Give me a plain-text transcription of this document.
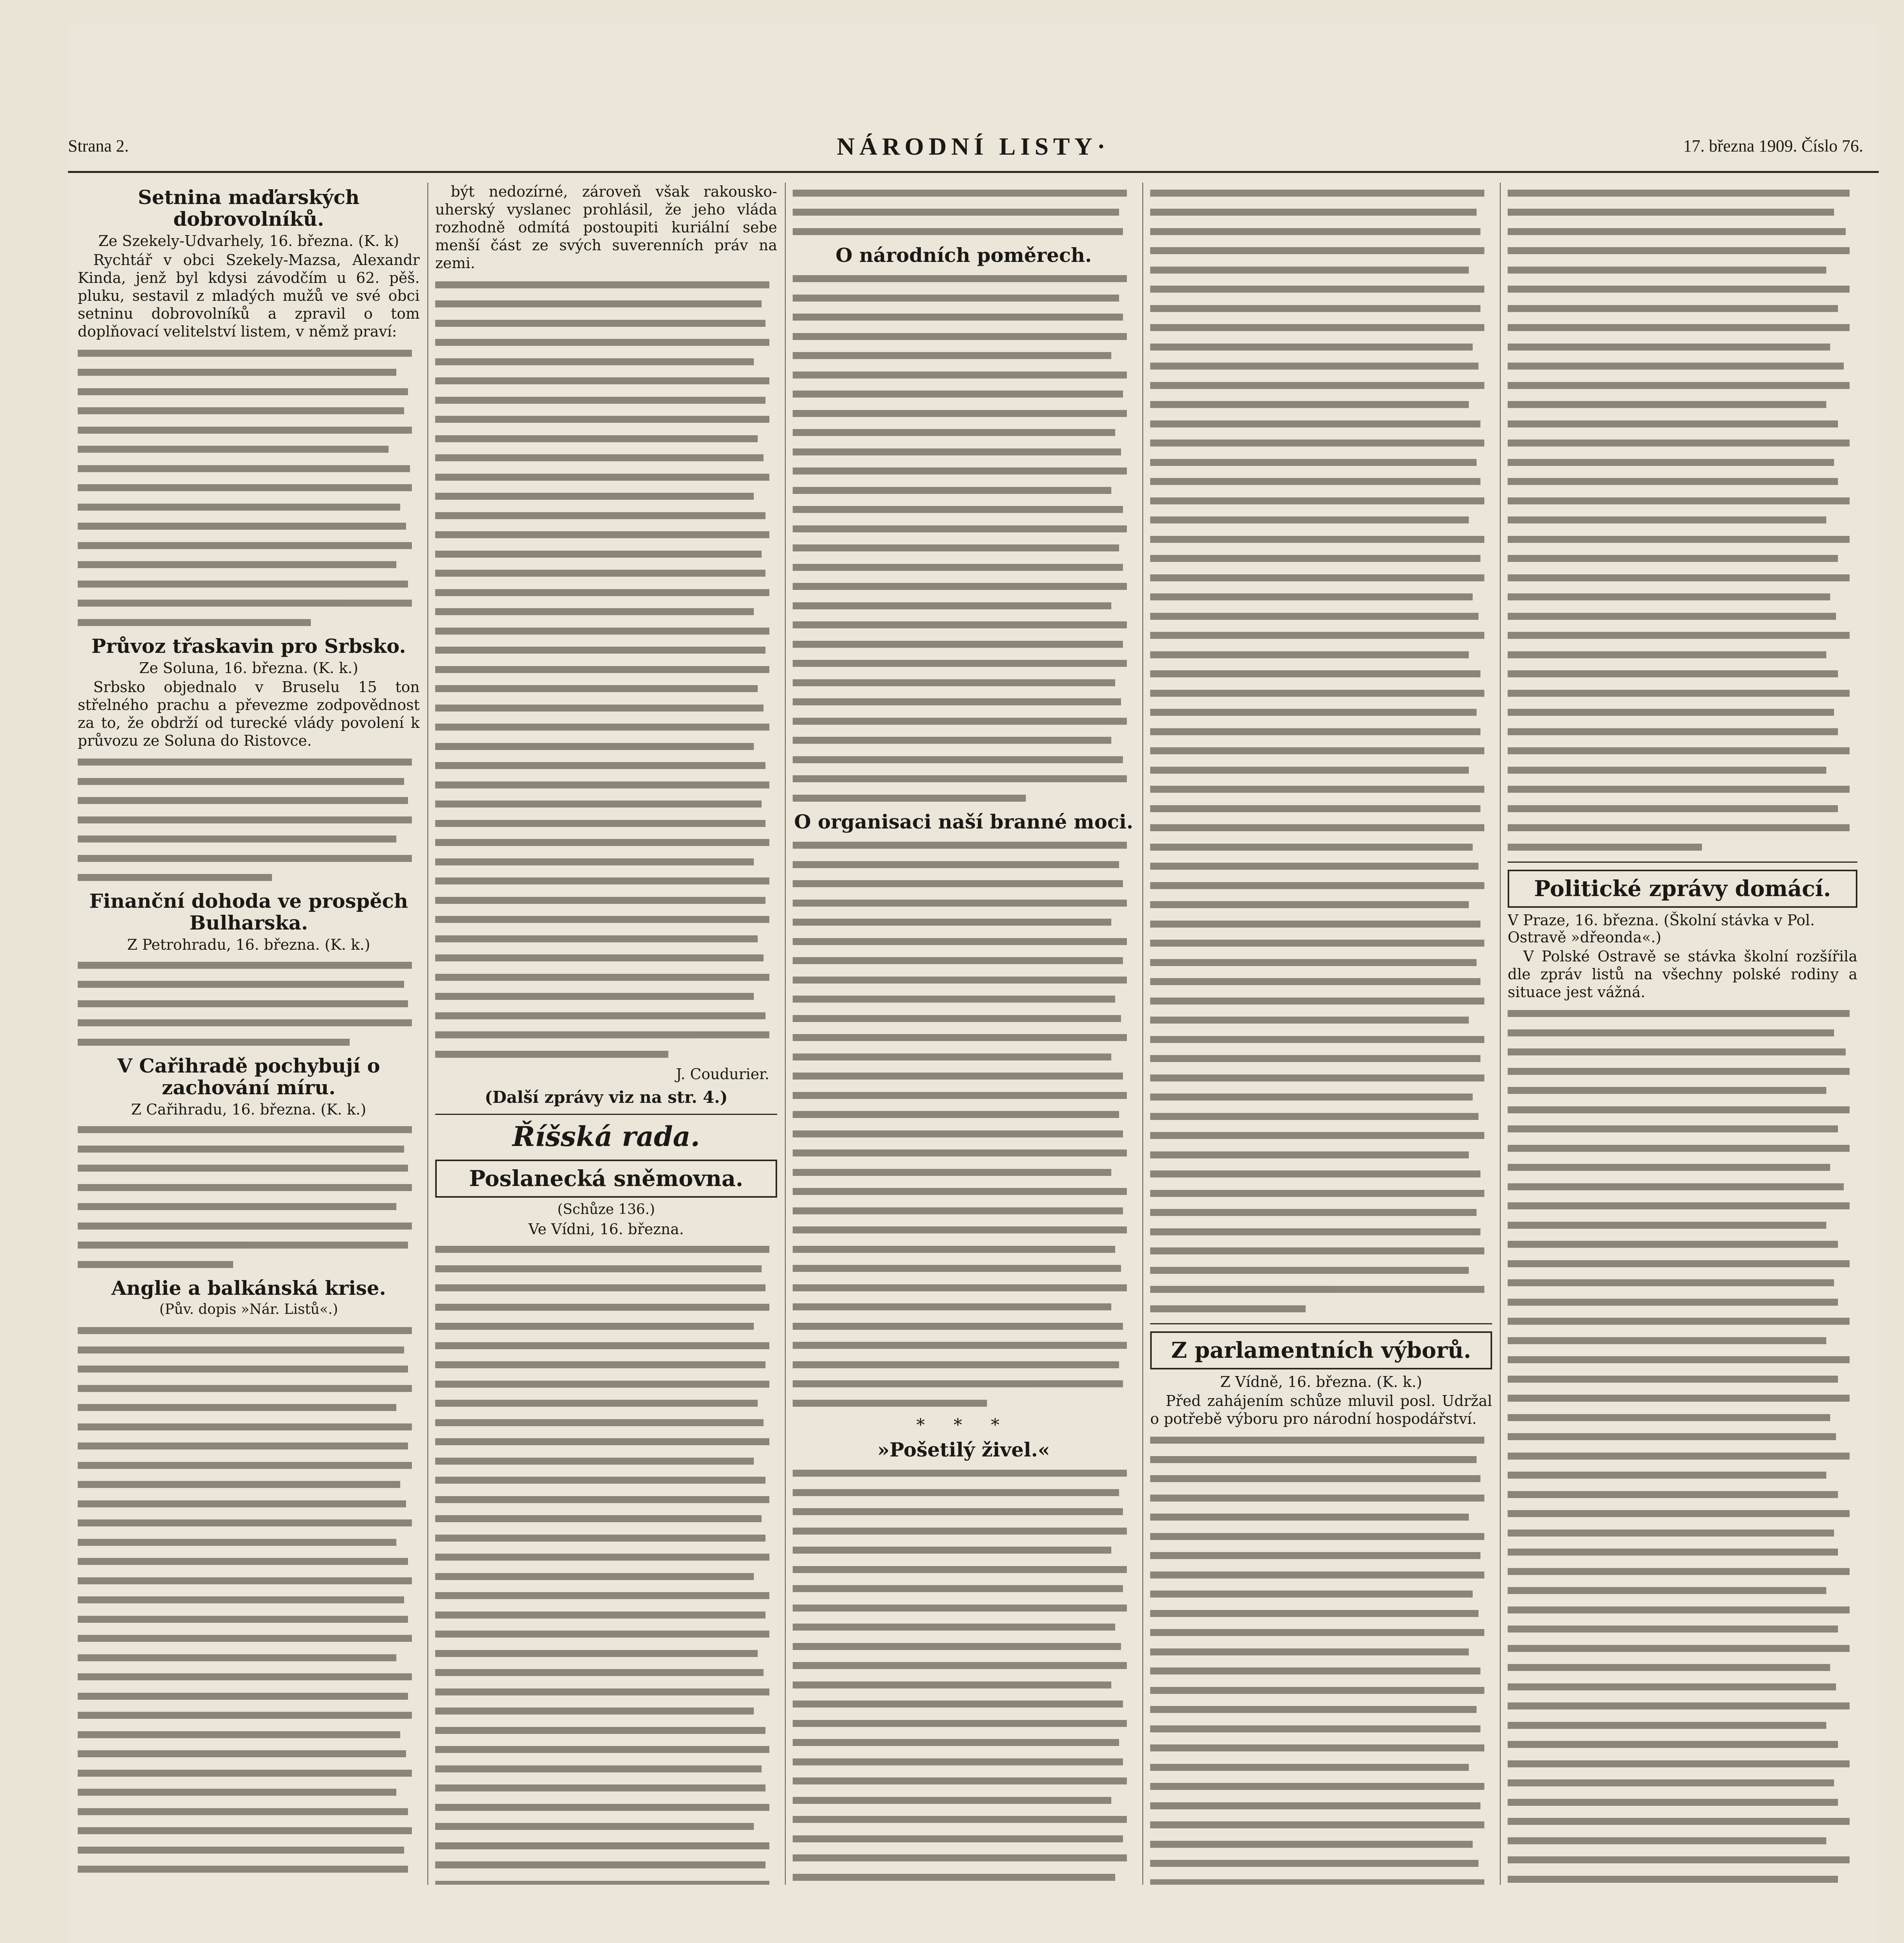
Strana 2.	NÁRODNÍ LISTY·	17. března 1909. Číslo 76.
Setnina maďarských dobrovolníků.
Ze Szekely-Udvarhely, 16. března. (K. k)

Rychtář v obci Szekely-Mazsa, Alexandr Kinda, jenž byl kdysi závodčím u 62. pěš. pluku, sestavil z mladých mužů ve své obci setninu dobrovolníků a zpravil o tom doplňovací velitelství listem, v němž praví:

Průvoz třaskavin pro Srbsko.
Ze Soluna, 16. března. (K. k.)

Srbsko objednalo v Bruselu 15 ton střelného prachu a převezme zodpovědnost za to, že obdrží od turecké vlády povolení k průvozu ze Soluna do Ristovce.

Finanční dohoda ve prospěch Bulharska.
Z Petrohradu, 16. března. (K. k.)
V Cařihradě pochybují o zachování míru.
Z Cařihradu, 16. března. (K. k.)
Anglie a balkánská krise.
(Pův. dopis »Nár. Listů«.)

být nedozírné, zároveň však rakousko-uherský vyslanec prohlásil, že jeho vláda rozhodně odmítá postoupiti kuriální sebe menší část ze svých suverenních práv na zemi.

J. Coudurier.
(Další zprávy viz na str. 4.)
Říšská rada.
Poslanecká sněmovna.
(Schůze 136.)
Ve Vídni, 16. března.

O národních poměrech.
O organisaci naší branné moci.
* * *
»Pošetilý živel.«
Z parlamentních výborů.
Z Vídně, 16. března. (K. k.)

Před zahájením schůze mluvil posl. Udržal o potřebě výboru pro národní hospodářství.

Politické zprávy domácí.
V Praze, 16. března. (Školní stávka v Pol. Ostravě »dřeonda«.)

V Polské Ostravě se stávka školní rozšířila dle zpráv listů na všechny polské rodiny a situace jest vážná.
